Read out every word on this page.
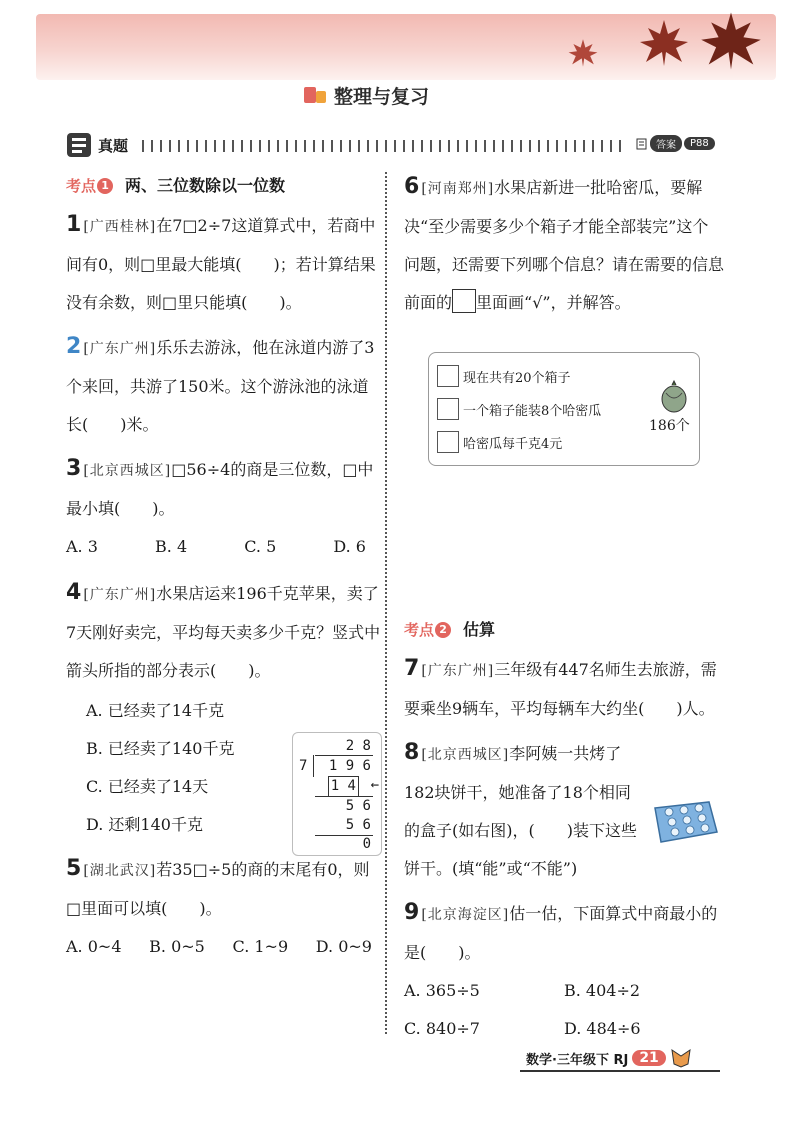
整理与复习
真题	答案	P88
考点 1 两、三位数除以一位数
1 [广西桂林]在7□2÷7这道算式中，若商中间有0，则□里最大能填(　　)；若计算结果没有余数，则□里只能填(　　)。
2 [广东广州]乐乐去游泳，他在泳道内游了3个来回，共游了150米。这个游泳池的泳道长(　　)米。
3 [北京西城区]□56÷4的商是三位数，□中最小填(　　)。
A. 3	B. 4	C. 5	D. 6
4 [广东广州]水果店运来196千克苹果，卖了7天刚好卖完，平均每天卖多少千克？竖式中箭头所指的部分表示(　　)。
A. 已经卖了14千克
B. 已经卖了140千克
C. 已经卖了14天
D. 还剩140千克
2 8
7 1 9 6
1 4 ←
5 6
5 6
0
5 [湖北武汉]若35□÷5的商的末尾有0，则□里面可以填(　　)。
A. 0~4 B. 0~5 C. 1~9 D. 0~9
6 [河南郑州]水果店新进一批哈密瓜，要解决“至少需要多少个箱子才能全部装完”这个问题，还需要下列哪个信息？请在需要的信息前面的 里面画“√”，并解答。
现在共有20个箱子
一个箱子能装8个哈密瓜
哈密瓜每千克4元
186个
考点 2 估算
7 [广东广州]三年级有447名师生去旅游，需要乘坐9辆车，平均每辆车大约坐(　　)人。
8 [北京西城区]李阿姨一共烤了182块饼干，她准备了18个相同的盒子(如右图)，(　　)装下这些饼干。(填“能”或“不能”)
9 [北京海淀区]估一估，下面算式中商最小的是(　　)。
A. 365÷5	B. 404÷2
C. 840÷7	D. 484÷6
数学·三年级下 RJ 21
